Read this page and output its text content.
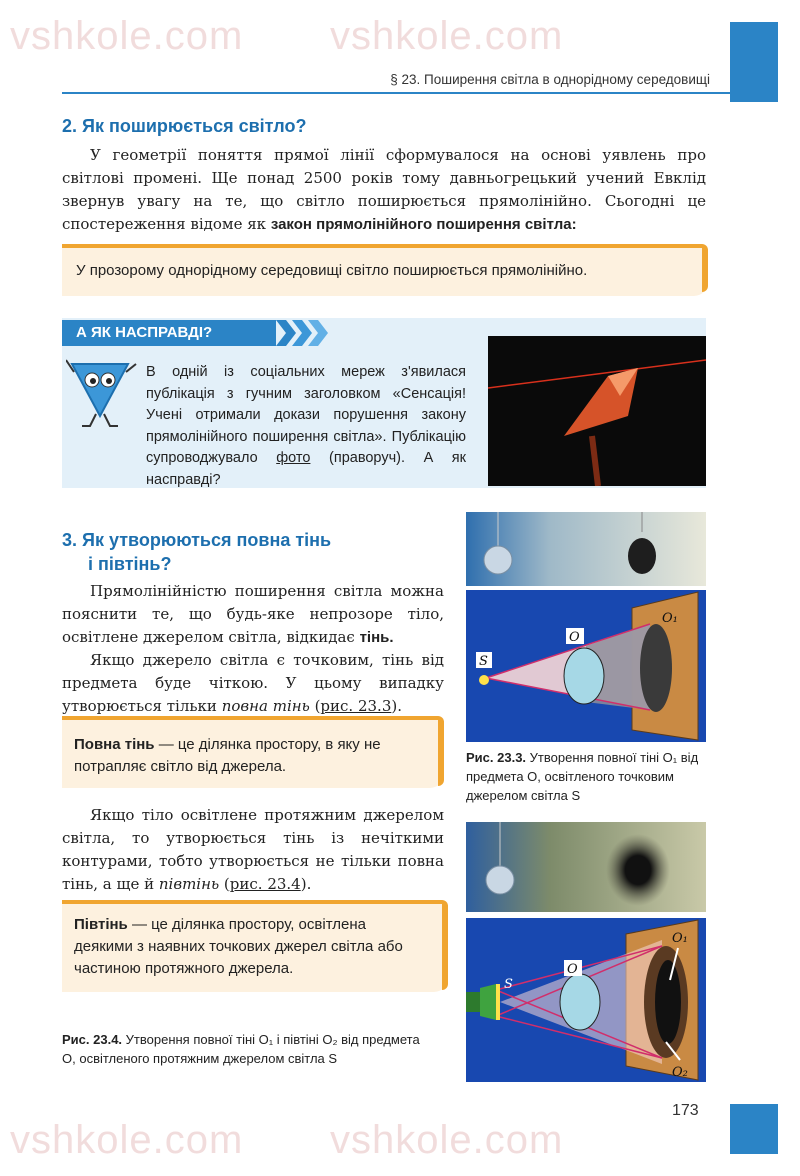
vshkole.com vshkole.com
vshkole.com vshkole.com
§ 23. Поширення світла в однорідному середовищі
2. Як поширюється світло?

У геометрії поняття прямої лінії сформувалося на основі уявлень про світлові промені. Ще понад 2500 років тому давньогрецький учений Евклід звернув увагу на те, що світло поширюється прямолінійно. Сьогодні це спостереження відоме як закон прямолінійного поширення світла:

У прозорому однорідному середовищі світло поширюється прямолінійно.
А ЯК НАСПРАВДІ?
В одній із соціальних мереж з'явилася публікація з гучним заголовком «Сенсація! Учені отримали докази порушення закону прямолінійного поширення світла». Публікацію супроводжувало фото (праворуч). А як насправді?
3. Як утворюються повна тінь
і півтінь?

Прямолінійністю поширення світла можна пояснити те, що будь-яке непрозоре тіло, освітлене джерелом світла, відкидає тінь.

Якщо джерело світла є точковим, тінь від предмета буде чіткою. У цьому випадку утворюється тільки повна тінь (рис. 23.3).

Повна тінь — це ділянка простору, в яку не потрапляє світло від джерела.

Якщо тіло освітлене протяжним джерелом світла, то утворюється тінь із нечіткими контурами, тобто утворюється не тільки повна тінь, а ще й півтінь (рис. 23.4).

Півтінь — це ділянка простору, освітлена деякими з наявних точкових джерел світла або частиною протяжного джерела.
S
O
O₁
Рис. 23.3. Утворення повної тіні O₁ від предмета O, освітленого точковим джерелом світла S
S
O
O₁
O₂
Рис. 23.4. Утворення повної тіні O₁ і півтіні O₂ від предмета O, освітленого протяжним джерелом світла S
173
